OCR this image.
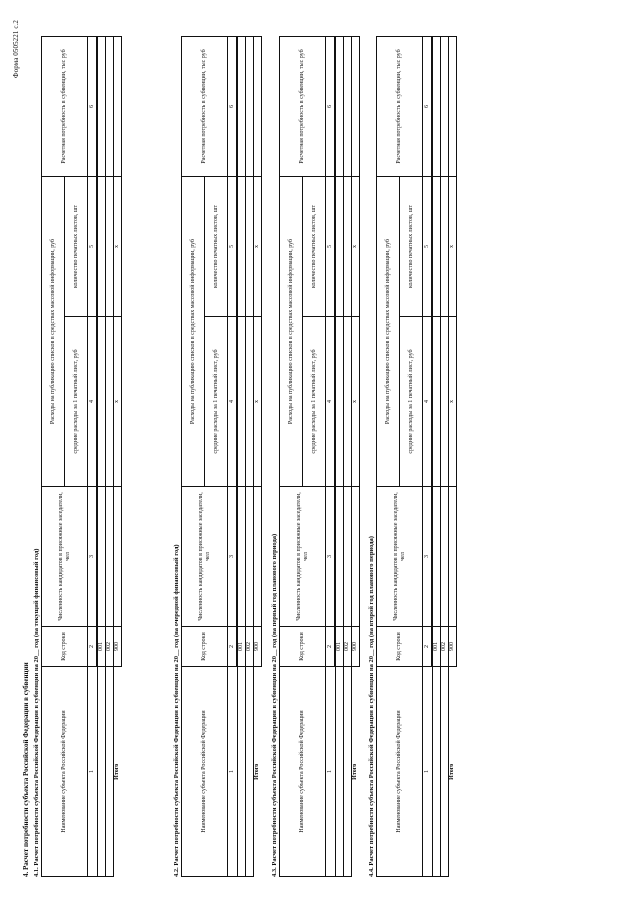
Форма 0505221 с.2
4. Расчет потребности субъекта Российской Федерации в субвенции 4.1. Расчет потребности субъекта Российской Федерации в субвенции на 20__ год (на текущий финансовый год)	Наименование субъекта Российской Федерации	Код строки	Численность кандидатов в присяжные заседатели, чел	Расходы на публикацию списков в средствах массовой информации, руб		Расчетная потребность в субвенции, тыс руб
			средние расходы за 1 печатный лист, руб	количество печатных листов, шт	
1	2	3	4	5	6
	001				
	002				
Итого	900		x	x	
4.2. Расчет потребности субъекта Российской Федерации в субвенции на 20__ год (на очередной финансовый год)	Наименование субъекта Российской Федерации	Код строки	Численность кандидатов в присяжные заседатели, чел	Расходы на публикацию списков в средствах массовой информации, руб		Расчетная потребность в субвенции, тыс руб
			средние расходы за 1 печатный лист, руб	количество печатных листов, шт	
1	2	3	4	5	6
	001				
	002				
Итого	900		x	x	
4.3. Расчет потребности субъекта Российской Федерации в субвенции на 20__ год (на первый год планового периода)	Наименование субъекта Российской Федерации	Код строки	Численность кандидатов в присяжные заседатели, чел	Расходы на публикацию списков в средствах массовой информации, руб		Расчетная потребность в субвенции, тыс руб
			средние расходы за 1 печатный лист, руб	количество печатных листов, шт	
1	2	3	4	5	6
	001				
	002				
Итого	900		x	x	
4.4. Расчет потребности субъекта Российской Федерации в субвенции на 20__ год (на второй год планового периода)	Наименование субъекта Российской Федерации	Код строки	Численность кандидатов в присяжные заседатели, чел	Расходы на публикацию списков в средствах массовой информации, руб		Расчетная потребность в субвенции, тыс руб
			средние расходы за 1 печатный лист, руб	количество печатных листов, шт	
1	2	3	4	5	6
	001				
	002				
Итого	900		x	x	
